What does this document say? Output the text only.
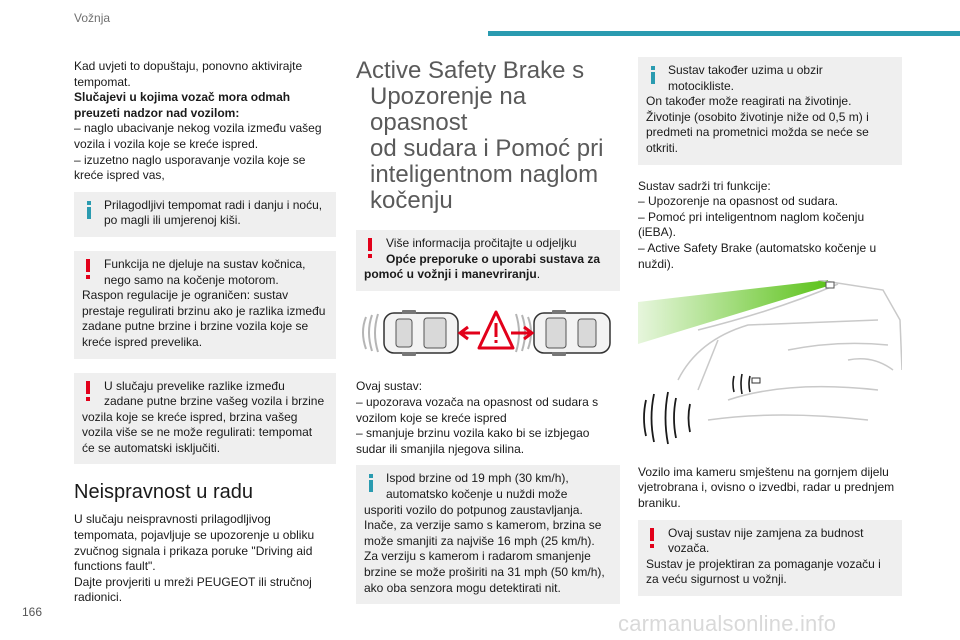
Vožnja

Kad uvjeti to dopuštaju, ponovno aktivirajte
tempomat.
Slučajevi u kojima vozač mora odmah
preuzeti nadzor nad vozilom:
– naglo ubacivanje nekog vozila između vašeg
vozila i vozila koje se kreće ispred.
– izuzetno naglo usporavanje vozila koje se
kreće ispred vas,

Prilagodljivi tempomat radi i danju i noću,
po magli ili umjerenoj kiši.
Funkcija ne djeluje na sustav kočnica,
nego samo na kočenje motorom.
Raspon regulacije je ograničen: sustav
prestaje regulirati brzinu ako je razlika između
zadane putne brzine i brzine vozila koje se
kreće ispred prevelika.
U slučaju prevelike razlike između
zadane putne brzine vašeg vozila i brzine
vozila koje se kreće ispred, brzina vašeg
vozila više se ne može regulirati: tempomat
će se automatski isključiti.
Neispravnost u radu

U slučaju neispravnosti prilagodljivog
tempomata, pojavljuje se upozorenje u obliku
zvučnog signala i prikaza poruke "Driving aid
functions fault".
Dajte provjeriti u mreži PEUGEOT ili stručnoj
radionici.

Active Safety Brake s
Upozorenje na opasnost
od sudara i Pomoć pri
inteligentnom naglom
kočenju
Više informacija pročitajte u odjeljku
Opće preporuke o uporabi sustava za
pomoć u vožnji i manevriranju.

Ovaj sustav:
– upozorava vozača na opasnost od sudara s
vozilom koje se kreće ispred
– smanjuje brzinu vozila kako bi se izbjegao
sudar ili smanjila njegova silina.

Ispod brzine od 19 mph (30 km/h),
automatsko kočenje u nuždi može
usporiti vozilo do potpunog zaustavljanja.
Inače, za verzije samo s kamerom, brzina se
može smanjiti za najviše 16 mph (25 km/h).
Za verziju s kamerom i radarom smanjenje
brzine se može proširiti na 31 mph (50 km/h),
ako oba senzora mogu detektirati nit.
Sustav također uzima u obzir
motocikliste.
On također može reagirati na životinje.
Životinje (osobito životinje niže od 0,5 m) i
predmeti na prometnici možda se neće se
otkriti.

Sustav sadrži tri funkcije:
– Upozorenje na opasnost od sudara.
– Pomoć pri inteligentnom naglom kočenju
(iEBA).
– Active Safety Brake (automatsko kočenje u
nuždi).

Vozilo ima kameru smještenu na gornjem dijelu
vjetrobrana i, ovisno o izvedbi, radar u prednjem
braniku.

Ovaj sustav nije zamjena za budnost
vozača.
Sustav je projektiran za pomaganje vozaču i
za veću sigurnost u vožnji.
166	carmanualsonline.info
